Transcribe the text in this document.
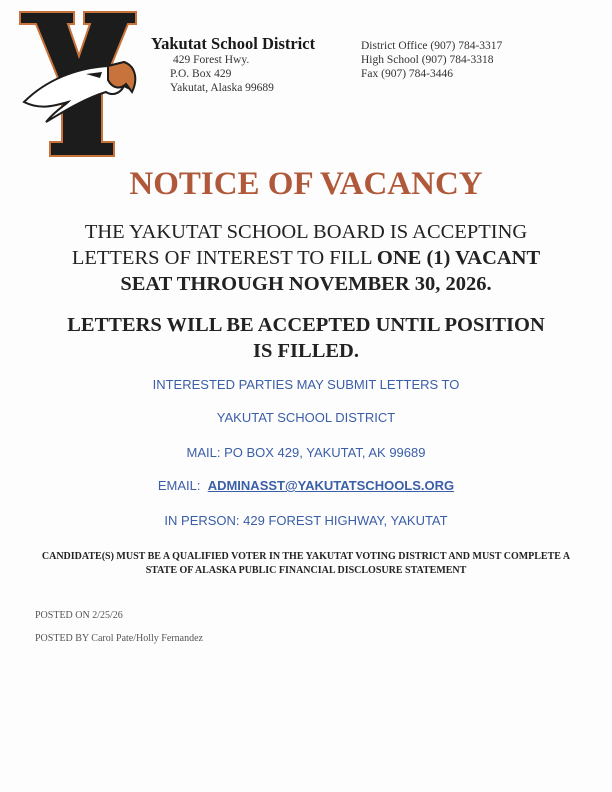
Yakutat School District
429 Forest Hwy.
P.O. Box 429
Yakutat, Alaska 99689
District Office (907) 784-3317
High School (907) 784-3318
Fax (907) 784-3446
NOTICE OF VACANCY
THE YAKUTAT SCHOOL BOARD IS ACCEPTING
LETTERS OF INTEREST TO FILL ONE (1) VACANT
SEAT THROUGH NOVEMBER 30, 2026.
LETTERS WILL BE ACCEPTED UNTIL POSITION
IS FILLED.
INTERESTED PARTIES MAY SUBMIT LETTERS TO
YAKUTAT SCHOOL DISTRICT
MAIL: PO BOX 429, YAKUTAT, AK 99689
EMAIL: ADMINASST@YAKUTATSCHOOLS.ORG
IN PERSON: 429 FOREST HIGHWAY, YAKUTAT
CANDIDATE(S) MUST BE A QUALIFIED VOTER IN THE YAKUTAT VOTING DISTRICT AND MUST COMPLETE A
STATE OF ALASKA PUBLIC FINANCIAL DISCLOSURE STATEMENT
POSTED ON 2/25/26
POSTED BY Carol Pate/Holly Fernandez
